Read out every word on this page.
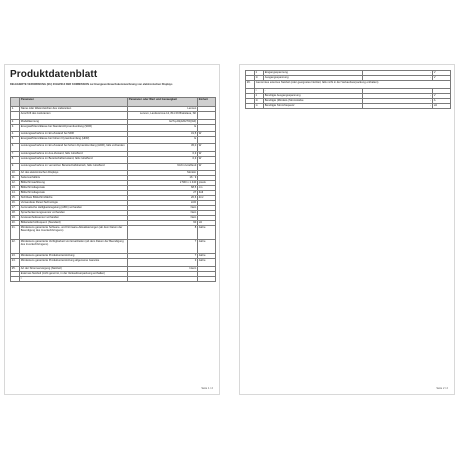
Produktdatenblatt
DELEGIERTE VERORDNUNG (EU) 2019/2013 DER KOMMISSION zur Energieverbrauchskennzeichnung von elektronischen Displays
	Parameter	Parameter oder Wert und Genauigkeit	Einheit
1.	Name oder Warenzeichen des Lieferanten	Lenovo	
	Anschrift des Lieferanten	Lenovo, Landererova 12, 811 09 Bratislava, SK	
2.	Modellkennung	G27q-20(A20270QG0)	
3.	Energieeffizienzklasse bei Standard-Dynamikumfang (SDR)	G	
4.	Leistungsaufnahme im Ein-Zustand bei SDR	31,5	W
5.	Energieeffizienzklasse bei hohem Dynamikumfang (HDR)	G	
6.	Leistungsaufnahme im Ein-Zustand bei hohem Dynamikumfang (HDR), falls vorhanden	45,0	W
7.	Leistungsaufnahme im Aus-Zustand, falls zutreffend	0,3	W
8.	Leistungsaufnahme im Bereitschaftszustand, falls zutreffend	0,3	W
9.	Leistungsaufnahme im vernetzten Bereitschaftsbetrieb, falls zutreffend	Nicht zutreffend	W
10.	Art des elektronischen Displays	Monitor	
11.	Seitenverhältnis	16 : 9	
12.	Bildschirmauflösung	2 560 x 1 440	pixels
13.	Bildschirmdiagonale	68,5	cm
14.	Bildschirmdiagonale	27	Zoll
15.	Sichtbare Bildschirmfläche	20,6	dm²
16.	Verwendete Panel-Technologie	LCD	
17.	Automatische Helligkeitsregelung (ABC) vorhanden	Nein	
18.	Spracherkennungssensor vorhanden	Nein	
19.	Anwesenheitssensor vorhanden	Nein	
20.	Bildwiederholfrequenz (Standard)	60	Hz
21.	Mindestens garantierte Software- und Firmware-Aktualisierungen (ab dem Datum der Beendigung des Inverkehrbringens)	8	Jahre
22.	Mindestens garantierte Verfügbarkeit von Ersatzteilen (ab dem Datum der Beendigung des Inverkehrbringens)	7	Jahre
23.	Mindestens garantierte Produktunterstützung	7	Jahre
24.	Mindestens garantierte Produktunterstützung allgemeine Garantie	3	Jahre
25.	Art der Stromversorgung (Netzteil)	Intern	
	Externes Netzteil (nicht genormt, in der Verkaufsverpackung enthalten)		
	i		
Seite 1 / 2
	ii	Eingangsspannung	-	V
	iii	Ausgangsspannung	-	V
26.	Genormtes externes Netzteil (oder geeignetes Netzteil, falls nicht in der Verkaufsverpackung enthalten)			
	i	-		
	ii	Benötigte Ausgangsspannung	-	V
	iii	Benötigte (Mindest-)Stromstärke	-	A
	iv	Benötigte Stromfrequenz	-	Hz
Seite 2 / 2
